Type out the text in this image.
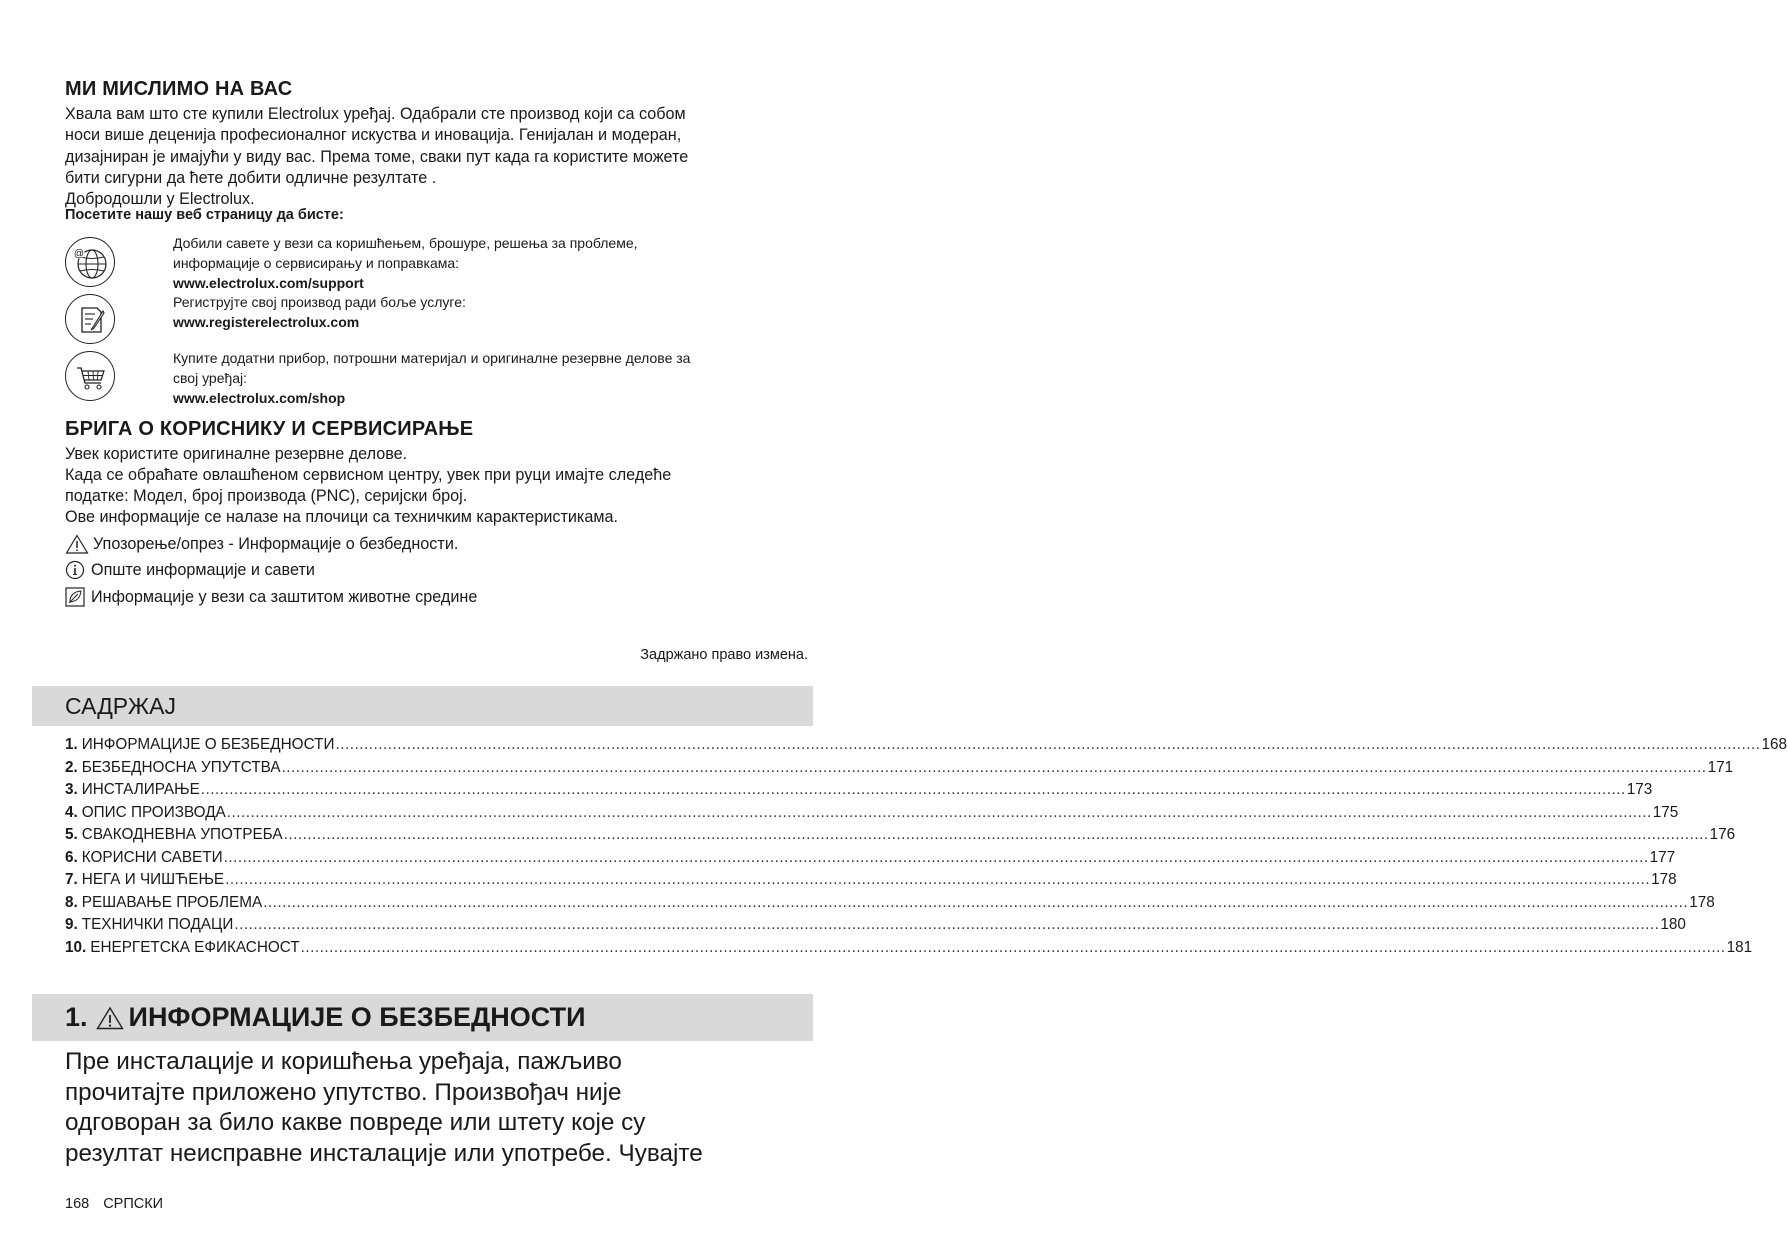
МИ МИСЛИМО НА ВАС

Хвала вам што сте купили Electrolux уређај. Одабрали сте производ који са собом

носи више деценија професионалног искуства и иновација. Генијалан и модеран,

дизајниран је имајући у виду вас. Према томе, сваки пут када га користите можете

бити сигурни да ћете добити одличне резултате .

Добродошли у Electrolux.

Посетите нашу веб страницу да бисте:
@
Добили савете у вези са коришћењем, брошуре, решења за проблеме,
информације о сервисирању и поправкама:
www.electrolux.com/support
Региструјте свој производ ради боље услуге:
www.registerelectrolux.com
Купите додатни прибор, потрошни материјал и оригиналне резервне делове за
свој уређај:
www.electrolux.com/shop
БРИГА О КОРИСНИКУ И СЕРВИСИРАЊЕ

Увек користите оригиналне резервне делове.

Када се обраћате овлашћеном сервисном центру, увек при руци имајте следеће

податке: Модел, број производа (PNC), серијски број.

Ове информације се налазе на плочици са техничким карактеристикама.

Упозорење/опрез - Информације о безбедности.
Опште информације и савети
Информације у вези са заштитом животне средине
Задржано право измена.
САДРЖАЈ
1. ИНФОРМАЦИЈЕ О БЕЗБЕДНОСТИ ............................................................................................................................................................................................................................................................................................................ 168
2. БЕЗБЕДНОСНА УПУТСТВА ............................................................................................................................................................................................................................................................................................................ 171
3. ИНСТАЛИРАЊЕ ............................................................................................................................................................................................................................................................................................................ 173
4. ОПИС ПРОИЗВОДА ............................................................................................................................................................................................................................................................................................................ 175
5. СВАКОДНЕВНА УПОТРЕБА ............................................................................................................................................................................................................................................................................................................ 176
6. КОРИСНИ САВЕТИ ............................................................................................................................................................................................................................................................................................................ 177
7. НЕГА И ЧИШЋЕЊЕ ............................................................................................................................................................................................................................................................................................................ 178
8. РЕШАВАЊЕ ПРОБЛЕМА ............................................................................................................................................................................................................................................................................................................ 178
9. ТЕХНИЧКИ ПОДАЦИ ............................................................................................................................................................................................................................................................................................................ 180
10. ЕНЕРГЕТСКА ЕФИКАСНОСТ ............................................................................................................................................................................................................................................................................................................ 181
1. ИНФОРМАЦИЈЕ О БЕЗБЕДНОСТИ

Пре инсталације и коришћења уређаја, пажљиво

прочитајте приложено упутство. Произвођач није

одговоран за било какве повреде или штету које су

резултат неисправне инсталације или употребе. Чувајте

168 СРПСКИ
